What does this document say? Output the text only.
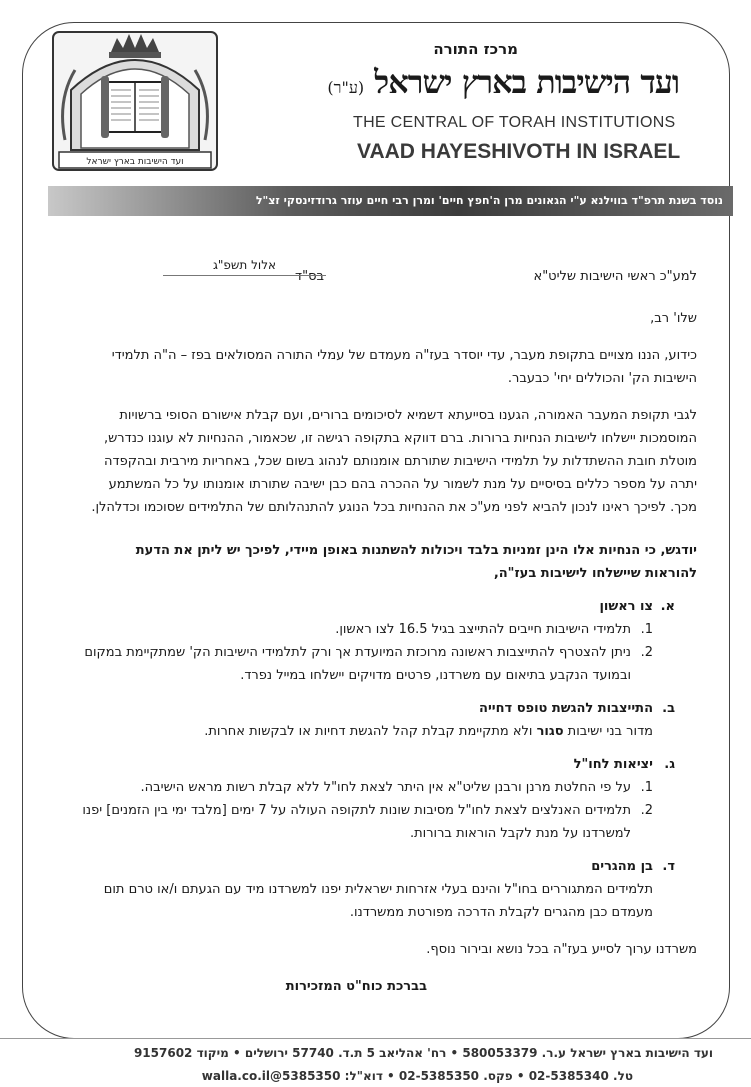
ועד הישיבות בארץ ישראל
מרכז התורה
ועד הישיבות בארץ ישראל (ע"ר)
THE CENTRAL OF TORAH INSTITUTIONS
VAAD HAYESHIVOTH IN ISRAEL
נוסד בשנת תרפ"ד בווילנא ע"י הגאונים מרן ה'חפץ חיים' ומרן רבי חיים עוזר גרודזינסקי זצ"ל
למע"כ ראשי הישיבות שליט"א
בס"ד
אלול תשפ"ג

שלו' רב,

כידוע, הננו מצויים בתקופת מעבר, עדי יוסדר בעז"ה מעמדם של עמלי התורה המסולאים בפז – ה"ה תלמידי הישיבות הק' והכוללים יחי' כבעבר.

לגבי תקופת המעבר האמורה, הגענו בסייעתא דשמיא לסיכומים ברורים, ועם קבלת אישורם הסופי ברשויות המוסמכות יישלחו לישיבות הנחיות ברורות. ברם דווקא בתקופה רגישה זו, שכאמור, ההנחיות לא עוגנו כנדרש, מוטלת חובת ההשתדלות על תלמידי הישיבות שתורתם אומנותם לנהוג בשום שכל, באחריות מירבית ובהקפדה יתרה על מספר כללים בסיסיים על מנת לשמור על ההכרה בהם כבן ישיבה שתורתו אומנותו על כל המשתמע מכך. לפיכך ראינו לנכון להביא לפני מע"כ את ההנחיות בכל הנוגע להתנהלותם של התלמידים שסוכמו וכדלהלן.

יודגש, כי הנחיות אלו הינן זמניות בלבד ויכולות להשתנות באופן מיידי, לפיכך יש ליתן את הדעת להוראות שיישלחו לישיבות בעז"ה,

א.צו ראשון
1.
תלמידי הישיבות חייבים להתייצב בגיל 16.5 לצו ראשון.
2.
ניתן להצטרף להתייצבות ראשונה מרוכזת המיועדת אך ורק לתלמידי הישיבות הק' שמתקיימת במקום ובמועד הנקבע בתיאום עם משרדנו, פרטים מדויקים יישלחו במייל נפרד.
ב.התייצבות להגשת טופס דחייה
מדור בני ישיבות סגור ולא מתקיימת קבלת קהל להגשת דחיות או לבקשות אחרות.
ג.יציאות לחו"ל
1.
על פי החלטת מרנן ורבנן שליט"א אין היתר לצאת לחו"ל ללא קבלת רשות מראש הישיבה.
2.
תלמידים האנלצים לצאת לחו"ל מסיבות שונות לתקופה העולה על 7 ימים [מלבד ימי בין הזמנים] יפנו למשרדנו על מנת לקבל הוראות ברורות.
ד.בן מהגרים
תלמידים המתגוררים בחו"ל והינם בעלי אזרחות ישראלית יפנו למשרדנו מיד עם הגעתם ו/או טרם תום מעמדם כבן מהגרים לקבלת הדרכה מפורטת ממשרדנו.

משרדנו ערוך לסייע בעז"ה בכל נושא ובירור נוסף.

בברכת כוח"ט המזכירות

ועד הישיבות בארץ ישראל ע.ר. 580053379 • רח' אהליאב 5 ת.ד. 57740 ירושלים • מיקוד 9157602
טל. 02-5385340 • פקס. 02-5385350 • דוא"ל: 5385350@walla.co.il
